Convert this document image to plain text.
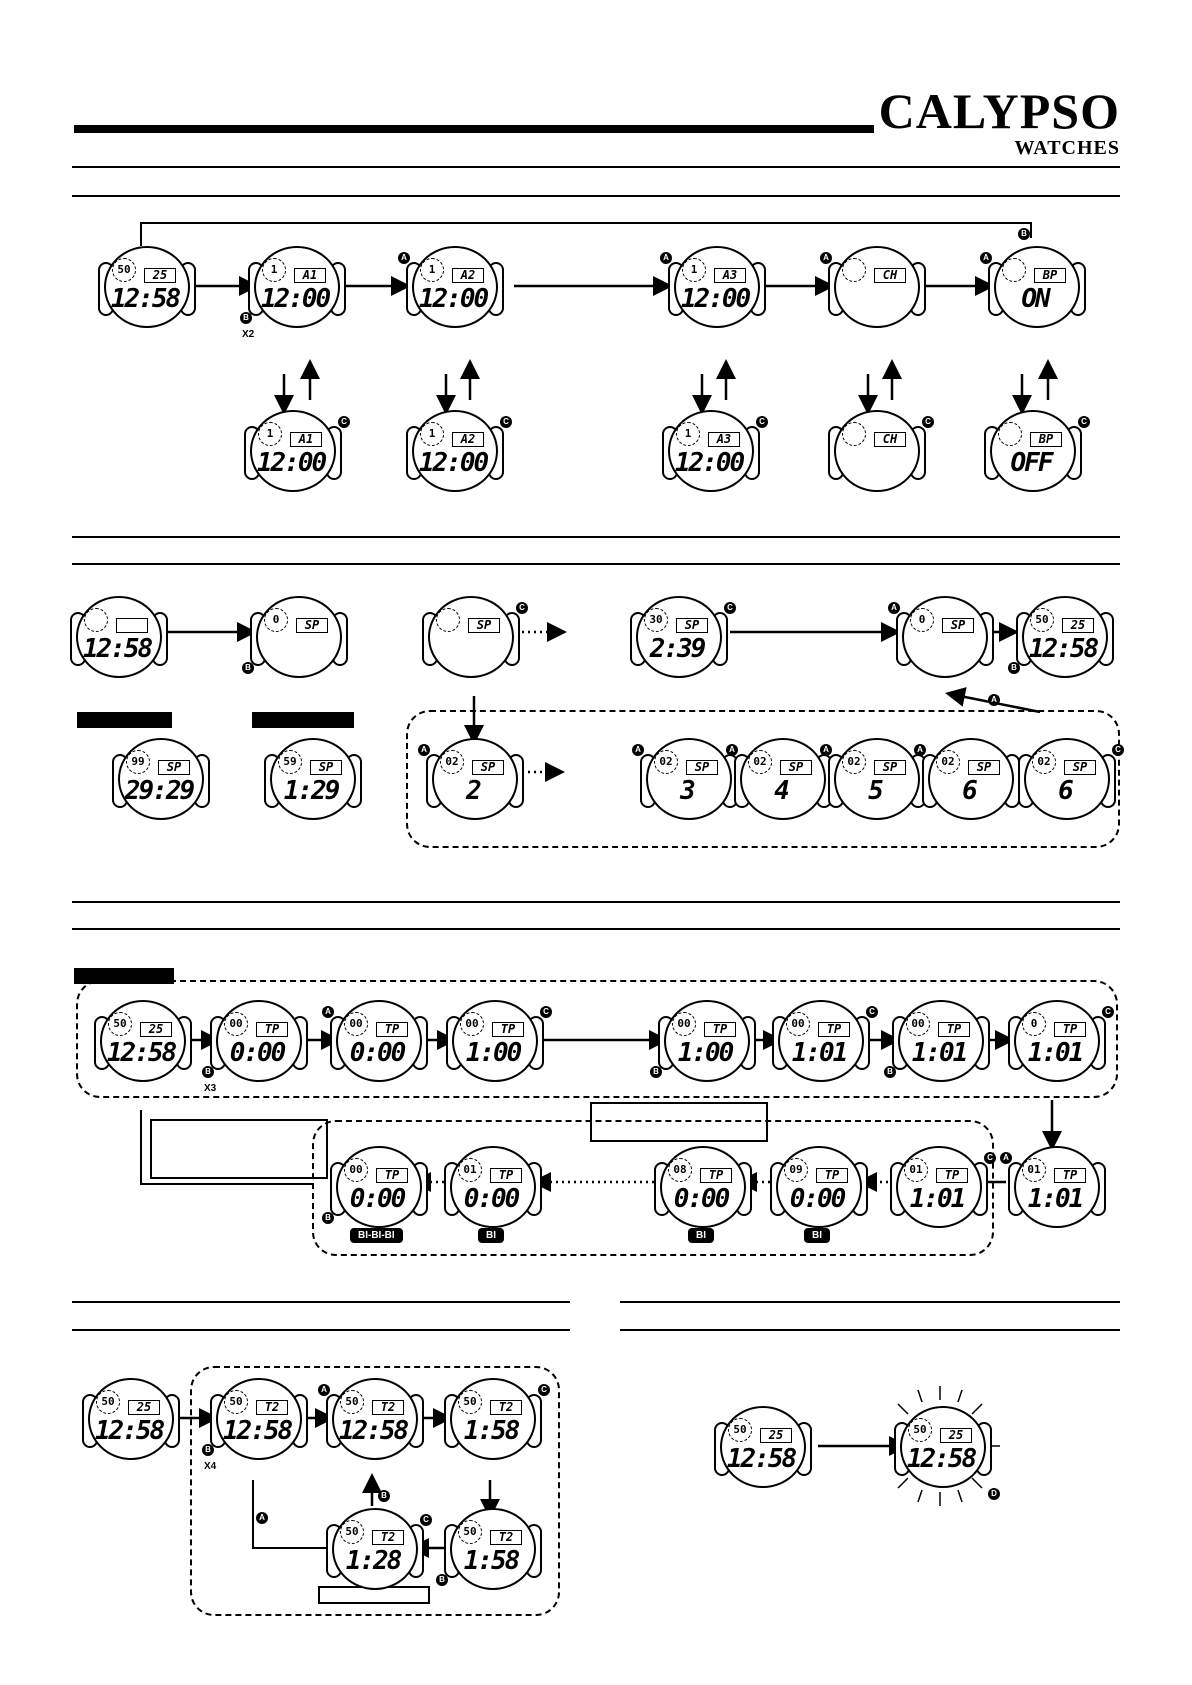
CALYPSO
WATCHES
50	25
12:58
1	A1
12:00
B
X2
1	A2
12:00
A
1	A3
12:00
A
CH
A
BP
ON
A
B
1	A1
12:00
C
1	A2
12:00
C
1	A3
12:00
C
CH
C
BP
OFF
C
12:58
0	SP
B
SP
C
30	SP
2:39
C
0	SP
A
50	25
12:58
B
A
99	SP
29:29
59	SP
1:29
02	SP
2
A
02	SP
3
A
02	SP
4
A
02	SP
5
A
02	SP
6
A
02	SP
6
C
50	25
12:58
00	TP
0:00
B
X3
00	TP
0:00
A
00	TP
1:00
C
00	TP
1:00
B
00	TP
1:01
C
00	TP
1:01
B
0	TP
1:01
C
00	TP
0:00
B
BI-BI-BI
01	TP
0:00
BI
08	TP
0:00
BI
09	TP
0:00
BI
01	TP
1:01
C
01	TP
1:01
A
50	25
12:58
50	T2
12:58
B
X4
50	T2
12:58
A
50	T2
1:58
C
50	T2
1:58
B
50	T2
1:28
C
A
B
50	25
12:58
50	25
12:58
D
